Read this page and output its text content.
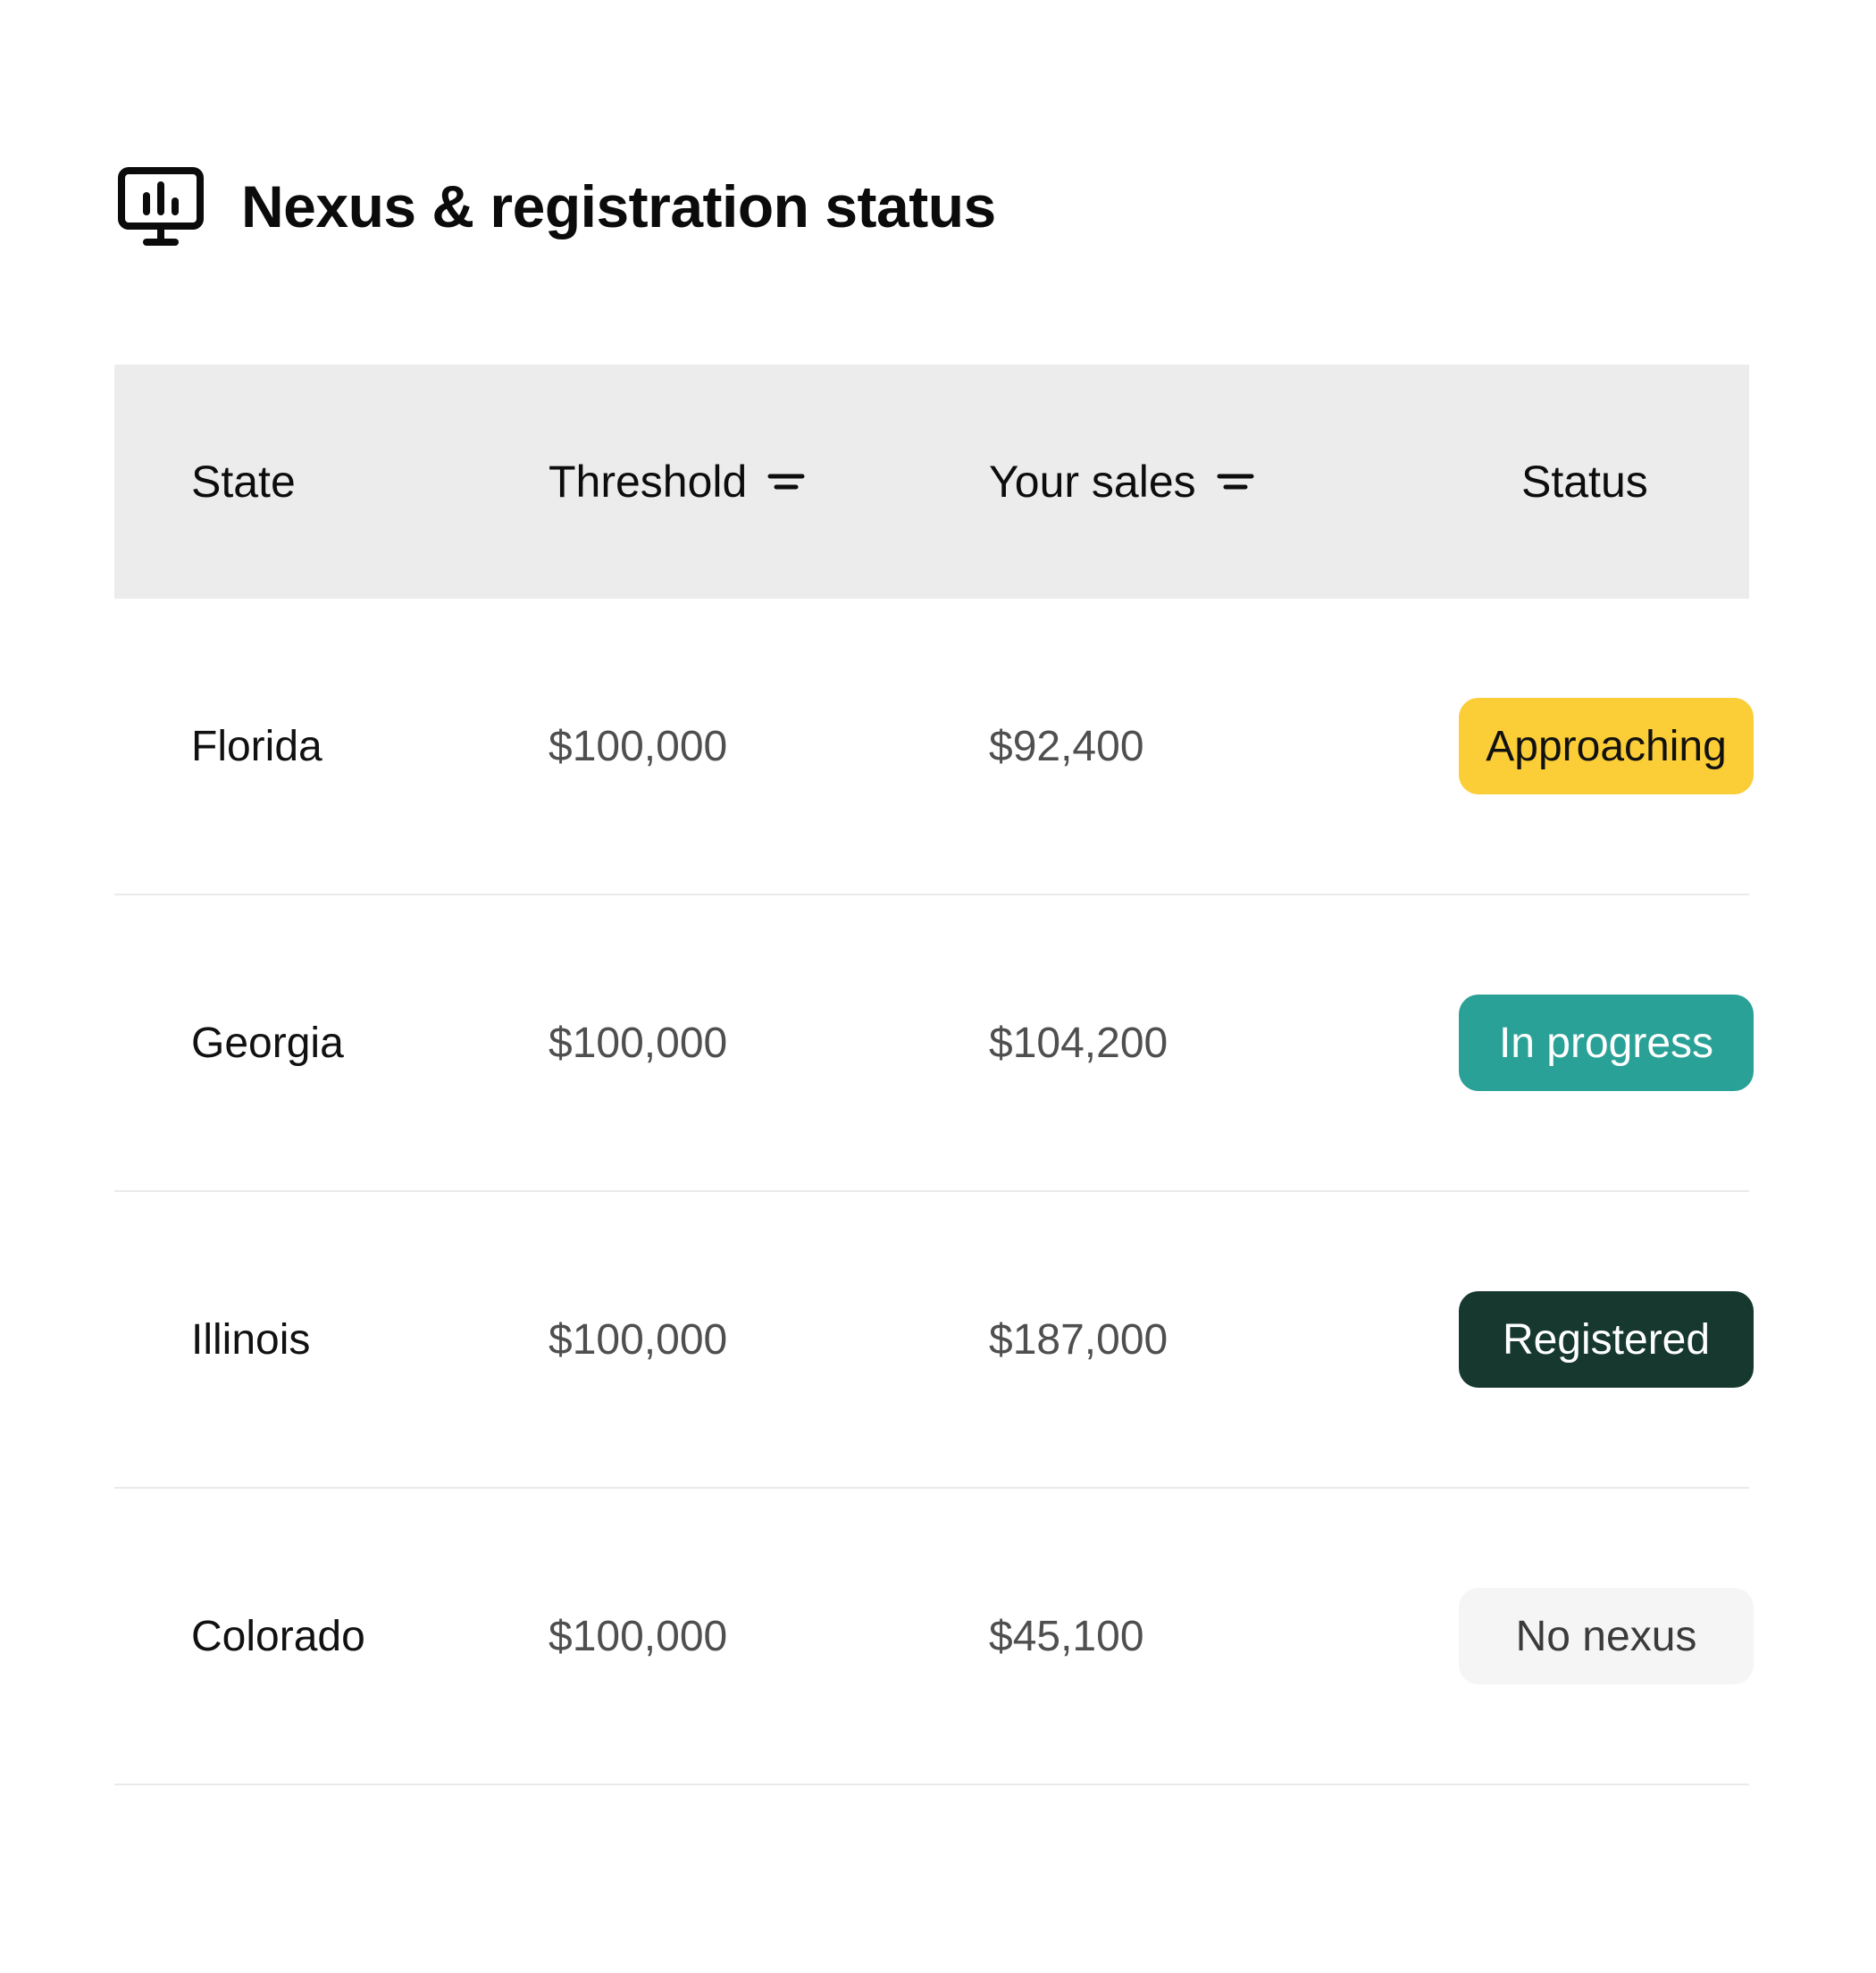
Nexus & registration status
State	Threshold	Your sales	Status
Florida	$100,000	$92,400	Approaching
Georgia	$100,000	$104,200	In progress
Illinois	$100,000	$187,000	Registered
Colorado	$100,000	$45,100	No nexus
